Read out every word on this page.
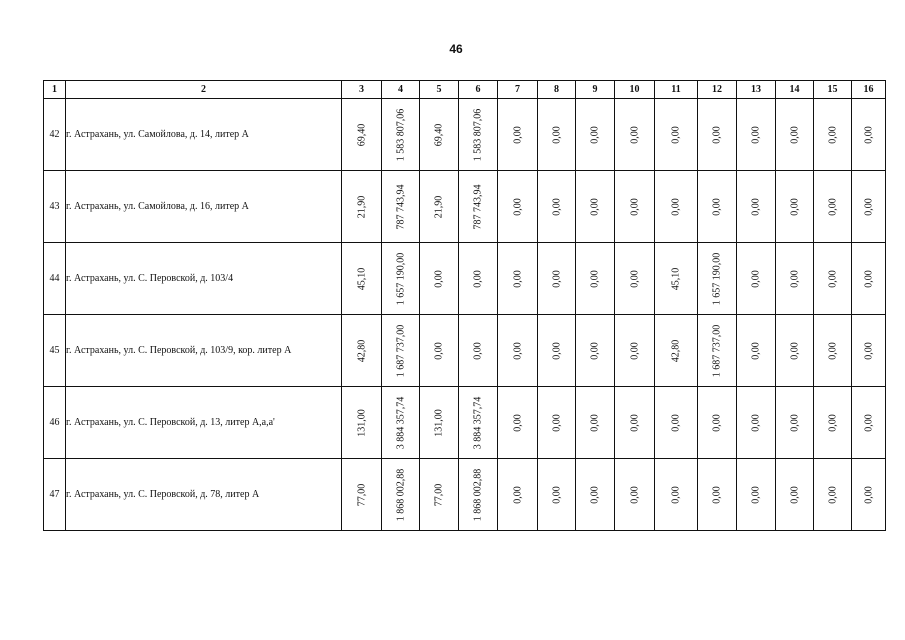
46
1	2	3	4	5	6	7	8	9	10	11	12	13	14	15	16
42	г. Астрахань, ул. Самойлова, д. 14, литер А	69,40	1 583 807,06	69,40	1 583 807,06	0,00	0,00	0,00	0,00	0,00	0,00	0,00	0,00	0,00	0,00

43	г. Астрахань, ул. Самойлова, д. 16, литер А	21,90	787 743,94	21,90	787 743,94	0,00	0,00	0,00	0,00	0,00	0,00	0,00	0,00	0,00	0,00

44	г. Астрахань, ул. С. Перовской, д. 103/4	45,10	1 657 190,00	0,00	0,00	0,00	0,00	0,00	0,00	45,10	1 657 190,00	0,00	0,00	0,00	0,00

45	г. Астрахань, ул. С. Перовской, д. 103/9, кор. литер А	42,80	1 687 737,00	0,00	0,00	0,00	0,00	0,00	0,00	42,80	1 687 737,00	0,00	0,00	0,00	0,00

46	г. Астрахань, ул. С. Перовской, д. 13, литер А,а,а'	131,00	3 884 357,74	131,00	3 884 357,74	0,00	0,00	0,00	0,00	0,00	0,00	0,00	0,00	0,00	0,00

47	г. Астрахань, ул. С. Перовской, д. 78, литер А	77,00	1 868 002,88	77,00	1 868 002,88	0,00	0,00	0,00	0,00	0,00	0,00	0,00	0,00	0,00	0,00
